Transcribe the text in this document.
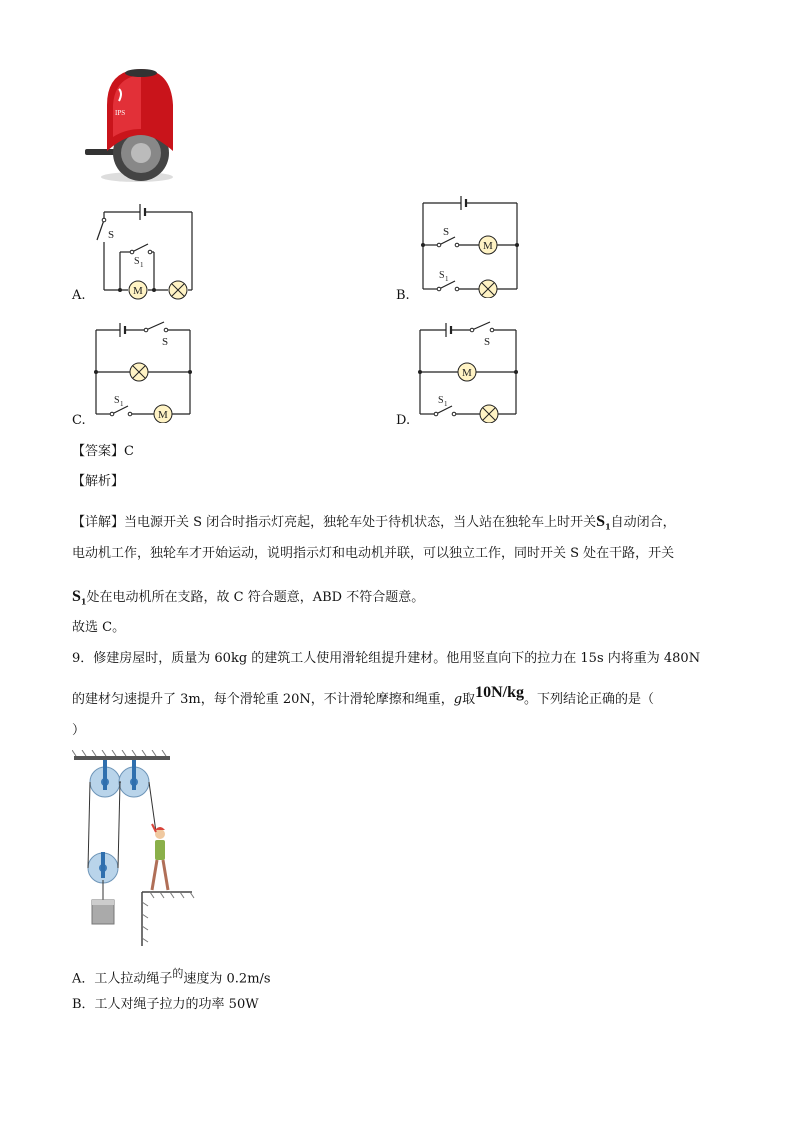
IPS
A.	M
S
S 1
B.
M
S
S 1
C.	M
S
S 1
D.
M
S
S 1
【答案】C
【解析】
【详解】当电源开关 S 闭合时指示灯亮起，独轮车处于待机状态，当人站在独轮车上时开关$S_1$自动闭合，
电动机工作，独轮车才开始运动，说明指示灯和电动机并联，可以独立工作，同时开关 S 处在干路，开关
$S_1$处在电动机所在支路，故 C 符合题意，ABD 不符合题意。
故选 C。
9．修建房屋时，质量为 60kg 的建筑工人使用滑轮组提升建材。他用竖直向下的拉力在 15s 内将重为 480N
的建材匀速提升了 3m，每个滑轮重 20N，不计滑轮摩擦和绳重，g取10N/kg。下列结论正确的是（
）
A．工人拉动绳子$^的$速度为 0.2m/s
B．工人对绳子拉力的功率 50W
